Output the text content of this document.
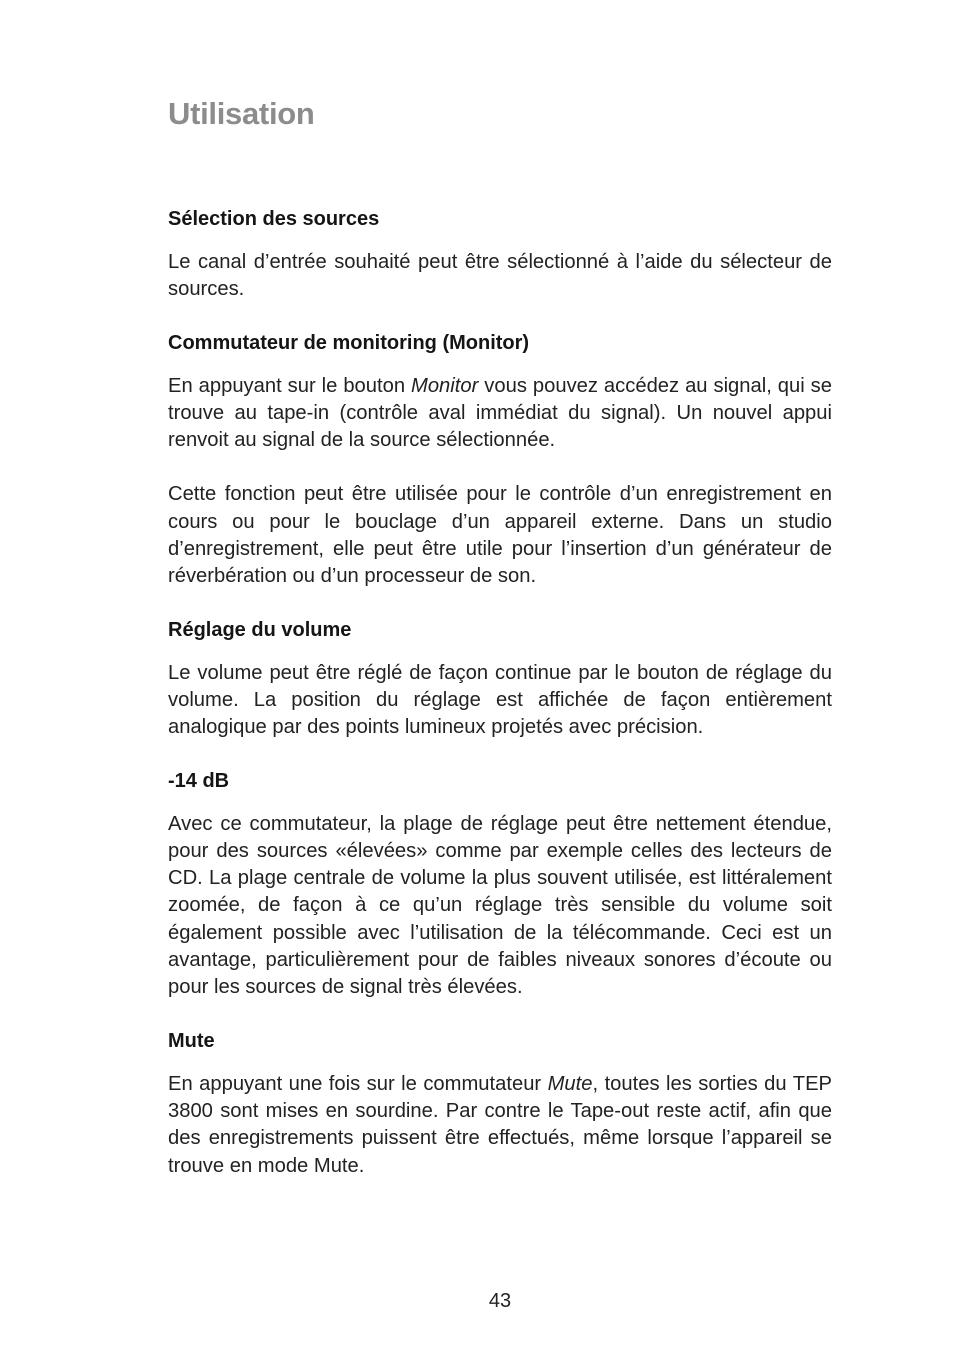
Utilisation
Sélection des sources

Le canal d’entrée souhaité peut être sélectionné à l’aide du sélecteur de sources.

Commutateur de monitoring (Monitor)

En appuyant sur le bouton Monitor vous pouvez accédez au signal, qui se trouve au tape-in (contrôle aval immédiat du signal). Un nouvel appui renvoit au signal de la source sélectionnée.

Cette fonction peut être utilisée pour le contrôle d’un enregistrement en cours ou pour le bouclage d’un appareil externe. Dans un studio d’enregistrement, elle peut être utile pour l’insertion d’un générateur de réverbération ou d’un processeur de son.

Réglage du volume

Le volume peut être réglé de façon continue par le bouton de réglage du volume. La position du réglage est affichée de façon entièrement analogique par des points lumineux projetés avec précision.

-14 dB

Avec ce commutateur, la plage de réglage peut être nettement étendue, pour des sources «élevées» comme par exemple celles des lecteurs de CD. La plage centrale de volume la plus souvent utilisée, est littéralement zoomée, de façon à ce qu’un réglage très sensible du volume soit également possible avec l’utilisation de la télécommande. Ceci est un avantage, particulièrement pour de faibles niveaux sonores d’écoute ou pour les sources de signal très élevées.

Mute

En appuyant une fois sur le commutateur Mute, toutes les sorties du TEP 3800 sont mises en sourdine. Par contre le Tape-out reste actif, afin que des enregistrements puissent être effectués, même lorsque l’appareil se trouve en mode Mute.

43
